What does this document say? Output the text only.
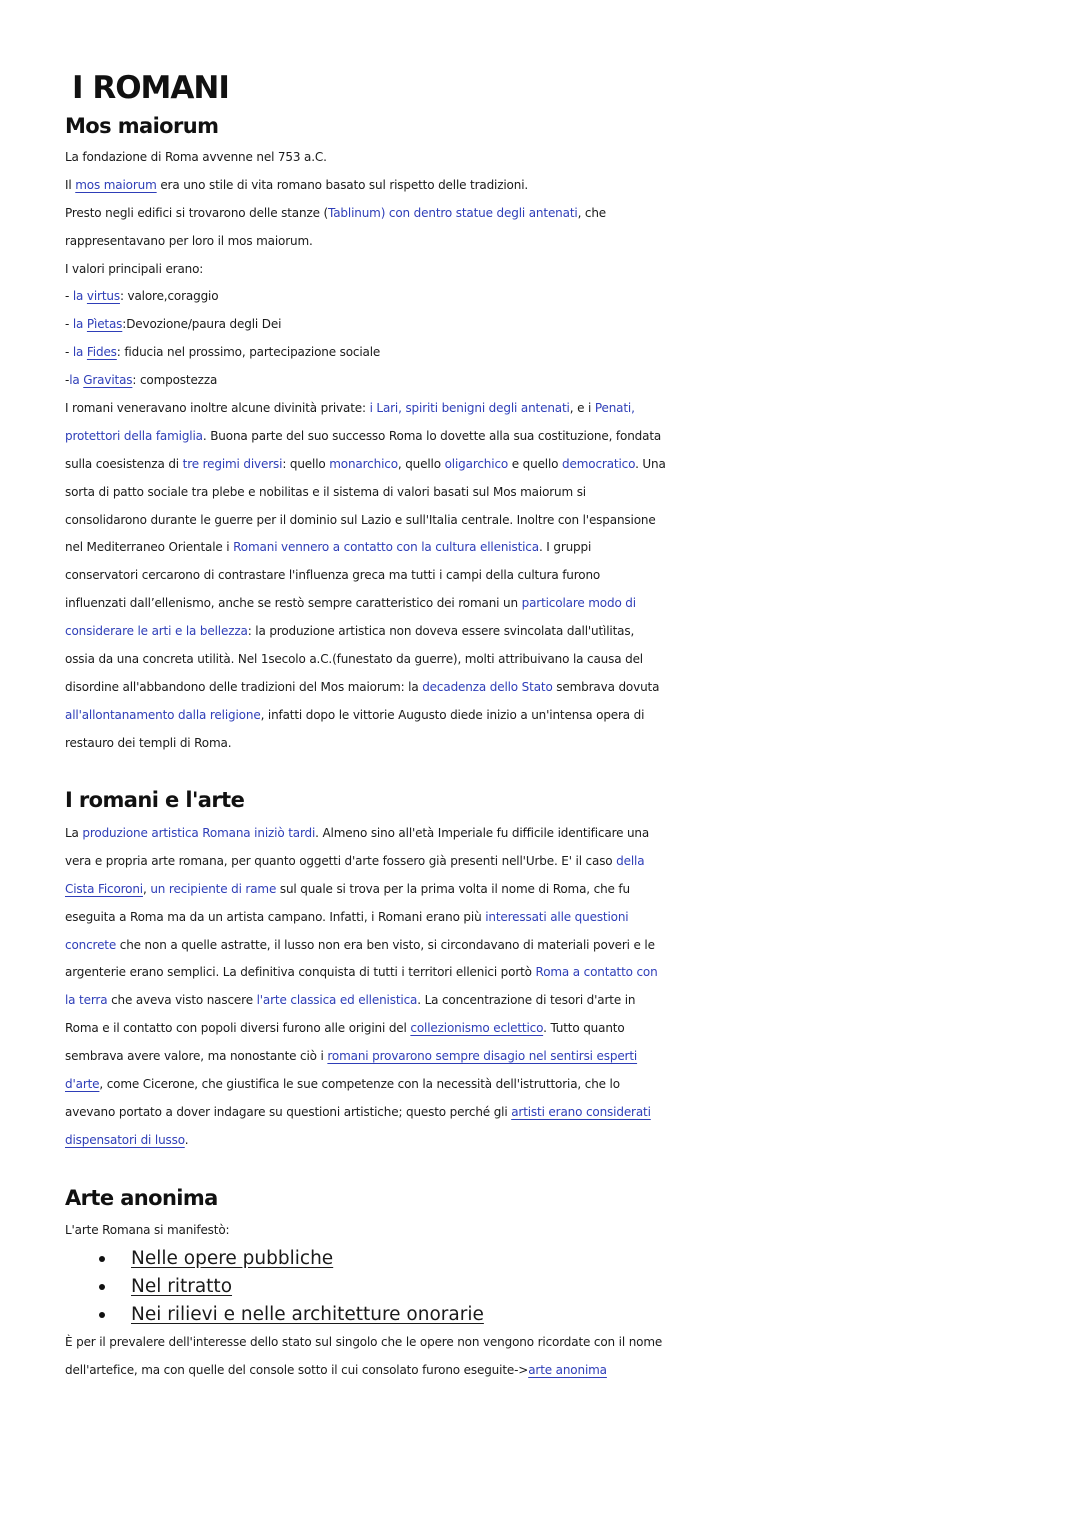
I ROMANI
Mos maiorum
La fondazione di Roma avvenne nel 753 a.C.
Il mos maiorum era uno stile di vita romano basato sul rispetto delle tradizioni.
Presto negli edifici si trovarono delle stanze (Tablinum) con dentro statue degli antenati, che
rappresentavano per loro il mos maiorum.
I valori principali erano:
- la virtus: valore,coraggio
- la Pìetas:Devozione/paura degli Dei
- la Fides: fiducia nel prossimo, partecipazione sociale
-la Gravitas: compostezza
I romani veneravano inoltre alcune divinità private: i Lari, spiriti benigni degli antenati, e i Penati,
protettori della famiglia. Buona parte del suo successo Roma lo dovette alla sua costituzione, fondata
sulla coesistenza di tre regimi diversi: quello monarchico, quello oligarchico e quello democratico. Una
sorta di patto sociale tra plebe e nobilitas e il sistema di valori basati sul Mos maiorum si
consolidarono durante le guerre per il dominio sul Lazio e sull'Italia centrale. Inoltre con l'espansione
nel Mediterraneo Orientale i Romani vennero a contatto con la cultura ellenistica. I gruppi
conservatori cercarono di contrastare l'influenza greca ma tutti i campi della cultura furono
influenzati dall’ellenismo, anche se restò sempre caratteristico dei romani un particolare modo di
considerare le arti e la bellezza: la produzione artistica non doveva essere svincolata dall'utìlitas,
ossia da una concreta utilità. Nel 1secolo a.C.(funestato da guerre), molti attribuivano la causa del
disordine all'abbandono delle tradizioni del Mos maiorum: la decadenza dello Stato sembrava dovuta
all'allontanamento dalla religione, infatti dopo le vittorie Augusto diede inizio a un'intensa opera di
restauro dei templi di Roma.
I romani e l'arte
La produzione artistica Romana iniziò tardi. Almeno sino all'età Imperiale fu difficile identificare una
vera e propria arte romana, per quanto oggetti d'arte fossero già presenti nell'Urbe. E' il caso della
Cista Ficoroni, un recipiente di rame sul quale si trova per la prima volta il nome di Roma, che fu
eseguita a Roma ma da un artista campano. Infatti, i Romani erano più interessati alle questioni
concrete che non a quelle astratte, il lusso non era ben visto, si circondavano di materiali poveri e le
argenterie erano semplici. La definitiva conquista di tutti i territori ellenici portò Roma a contatto con
la terra che aveva visto nascere l'arte classica ed ellenistica. La concentrazione di tesori d'arte in
Roma e il contatto con popoli diversi furono alle origini del collezionismo eclettico. Tutto quanto
sembrava avere valore, ma nonostante ciò i romani provarono sempre disagio nel sentirsi esperti
d'arte, come Cicerone, che giustifica le sue competenze con la necessità dell'istruttoria, che lo
avevano portato a dover indagare su questioni artistiche; questo perché gli artisti erano considerati
dispensatori di lusso.
Arte anonima
L'arte Romana si manifestò:
Nelle opere pubbliche
Nel ritratto
Nei rilievi e nelle architetture onorarie
È per il prevalere dell'interesse dello stato sul singolo che le opere non vengono ricordate con il nome
dell'artefice, ma con quelle del console sotto il cui consolato furono eseguite->arte anonima
